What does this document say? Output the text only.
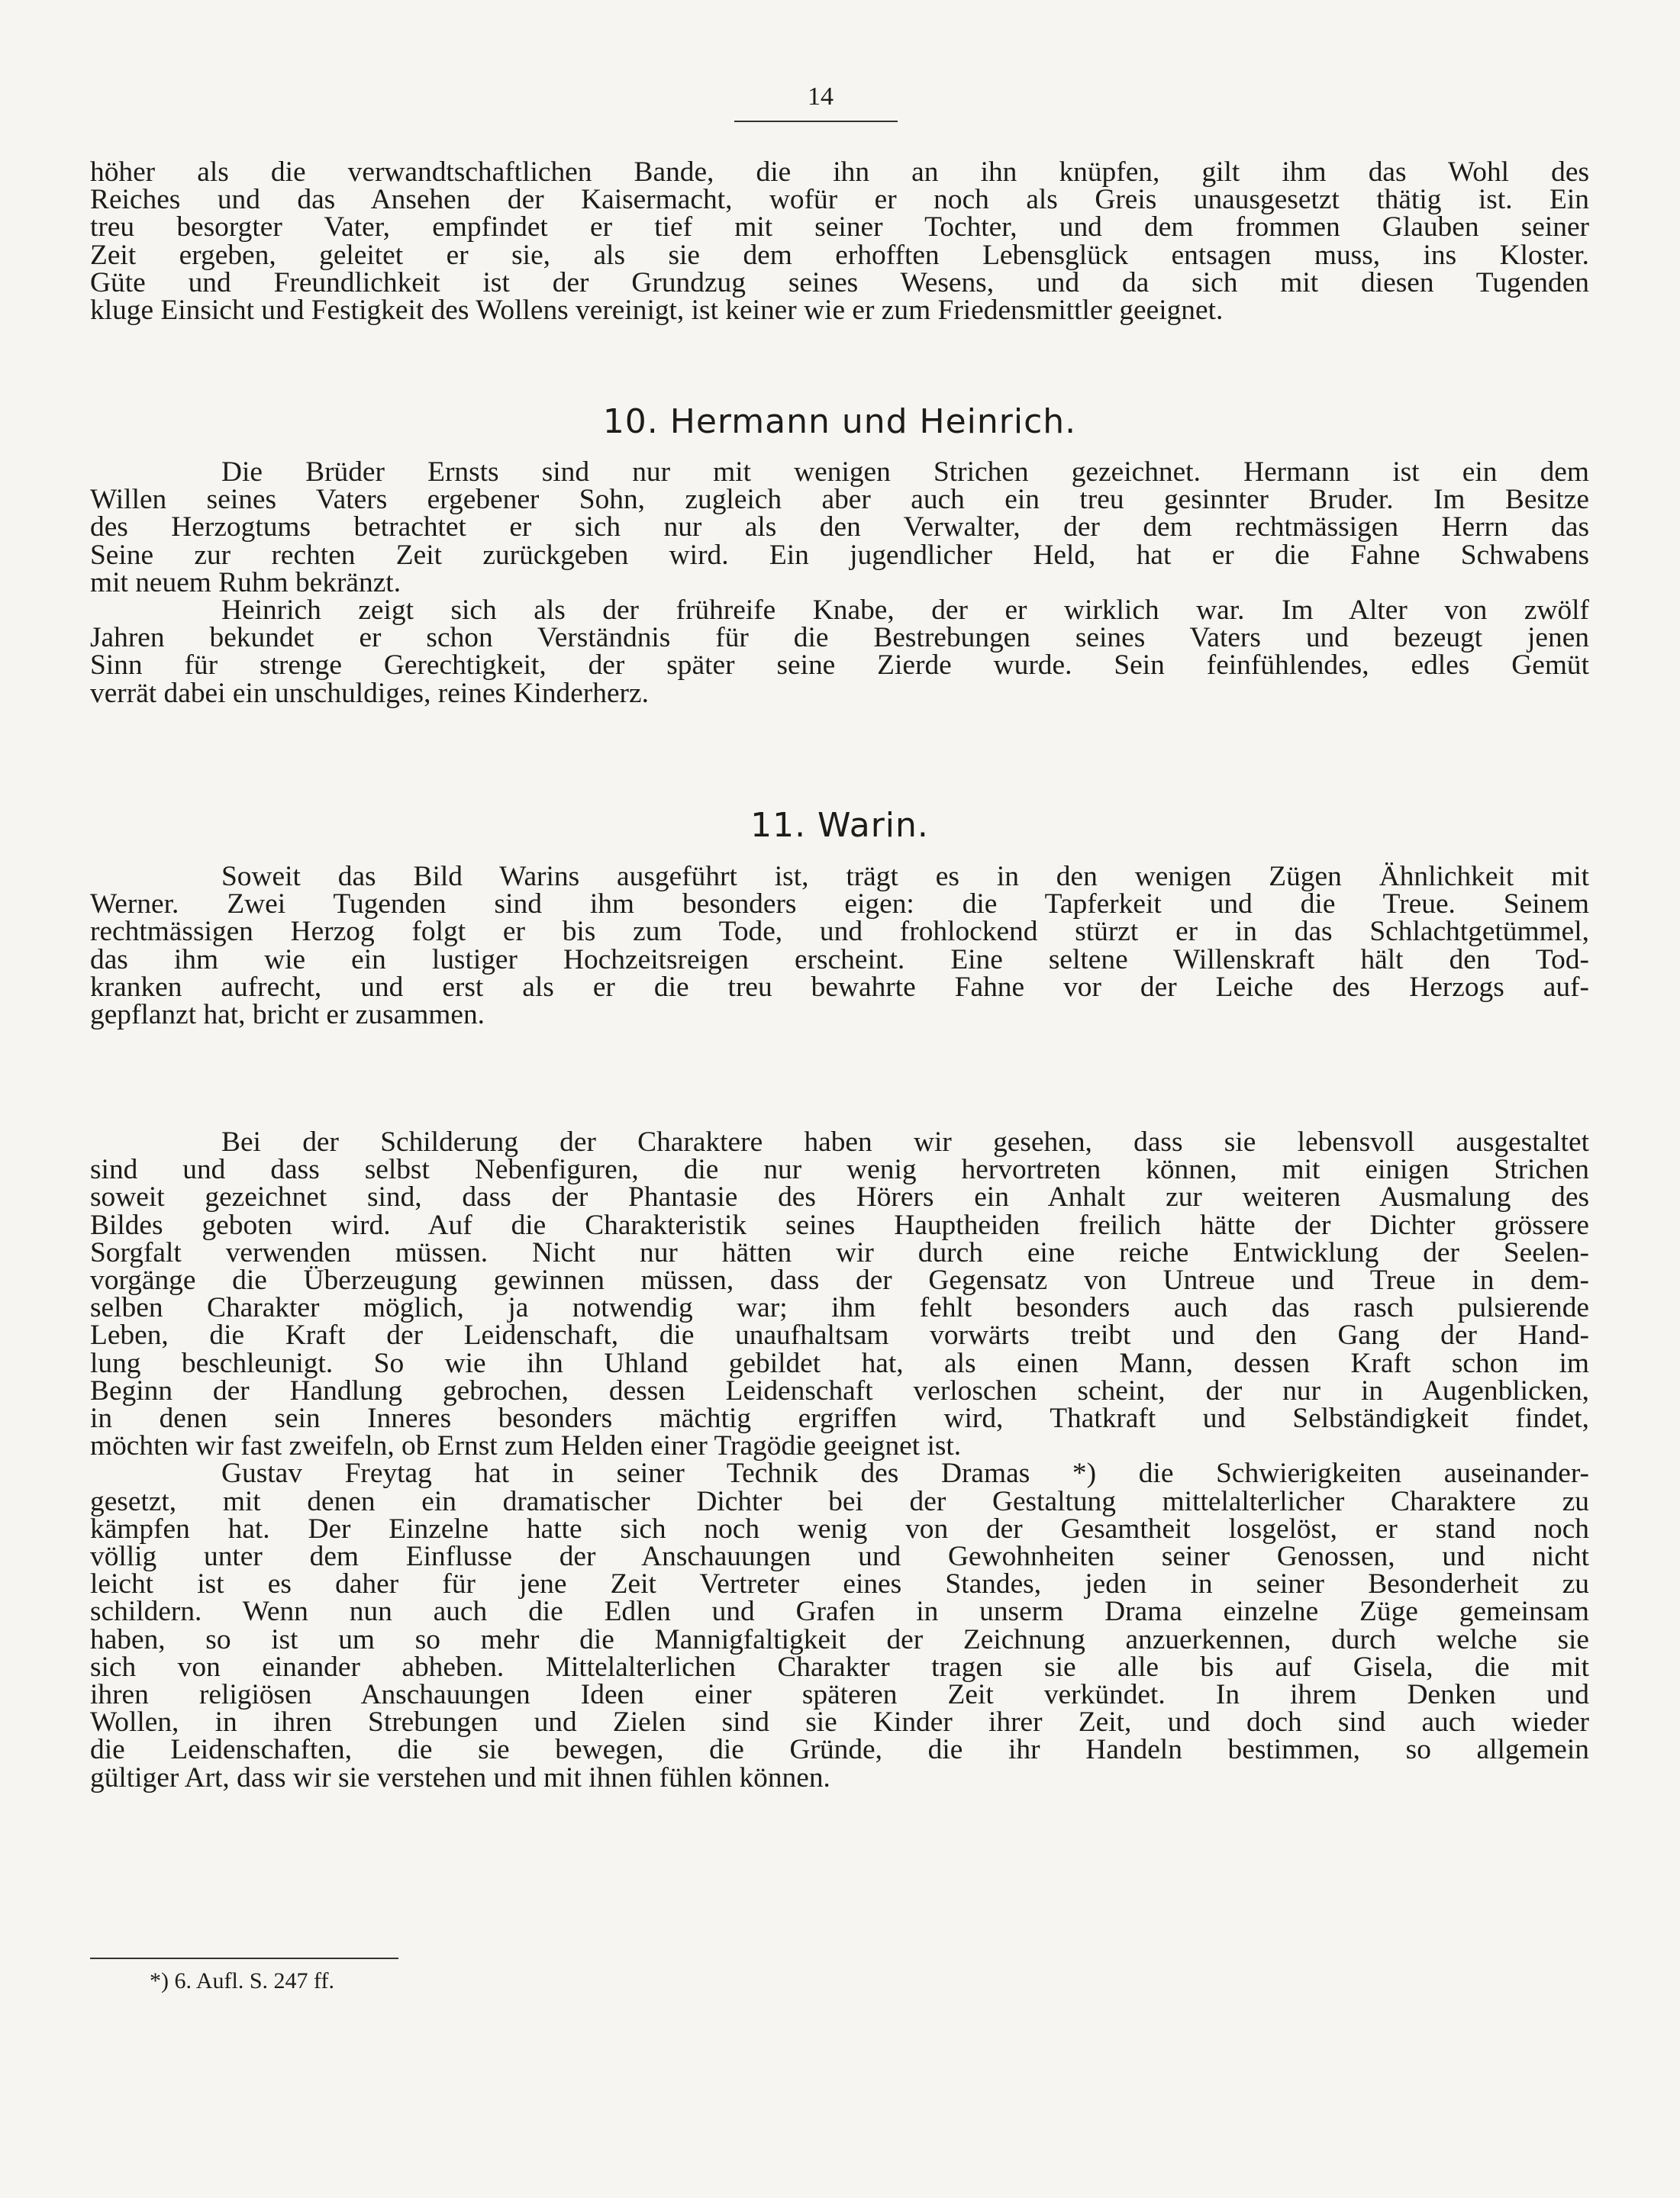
14

höher als die verwandtschaftlichen Bande, die ihn an ihn knüpfen, gilt ihm das Wohl des

Reiches und das Ansehen der Kaisermacht, wofür er noch als Greis unausgesetzt thätig ist. Ein

treu besorgter Vater, empfindet er tief mit seiner Tochter, und dem frommen Glauben seiner

Zeit ergeben, geleitet er sie, als sie dem erhofften Lebensglück entsagen muss, ins Kloster.

Güte und Freundlichkeit ist der Grundzug seines Wesens, und da sich mit diesen Tugenden

kluge Einsicht und Festigkeit des Wollens vereinigt, ist keiner wie er zum Friedensmittler geeignet.

10. Hermann und Heinrich.

Die Brüder Ernsts sind nur mit wenigen Strichen gezeichnet. Hermann ist ein dem

Willen seines Vaters ergebener Sohn, zugleich aber auch ein treu gesinnter Bruder. Im Besitze

des Herzogtums betrachtet er sich nur als den Verwalter, der dem rechtmässigen Herrn das

Seine zur rechten Zeit zurückgeben wird. Ein jugendlicher Held, hat er die Fahne Schwabens

mit neuem Ruhm bekränzt.

Heinrich zeigt sich als der frühreife Knabe, der er wirklich war. Im Alter von zwölf

Jahren bekundet er schon Verständnis für die Bestrebungen seines Vaters und bezeugt jenen

Sinn für strenge Gerechtigkeit, der später seine Zierde wurde. Sein feinfühlendes, edles Gemüt

verrät dabei ein unschuldiges, reines Kinderherz.

11. Warin.

Soweit das Bild Warins ausgeführt ist, trägt es in den wenigen Zügen Ähnlichkeit mit

Werner. Zwei Tugenden sind ihm besonders eigen: die Tapferkeit und die Treue. Seinem

rechtmässigen Herzog folgt er bis zum Tode, und frohlockend stürzt er in das Schlachtgetümmel,

das ihm wie ein lustiger Hochzeitsreigen erscheint. Eine seltene Willenskraft hält den Tod-

kranken aufrecht, und erst als er die treu bewahrte Fahne vor der Leiche des Herzogs auf-

gepflanzt hat, bricht er zusammen.

Bei der Schilderung der Charaktere haben wir gesehen, dass sie lebensvoll ausgestaltet

sind und dass selbst Nebenfiguren, die nur wenig hervortreten können, mit einigen Strichen

soweit gezeichnet sind, dass der Phantasie des Hörers ein Anhalt zur weiteren Ausmalung des

Bildes geboten wird. Auf die Charakteristik seines Hauptheiden freilich hätte der Dichter grössere

Sorgfalt verwenden müssen. Nicht nur hätten wir durch eine reiche Entwicklung der Seelen-

vorgänge die Überzeugung gewinnen müssen, dass der Gegensatz von Untreue und Treue in dem-

selben Charakter möglich, ja notwendig war; ihm fehlt besonders auch das rasch pulsierende

Leben, die Kraft der Leidenschaft, die unaufhaltsam vorwärts treibt und den Gang der Hand-

lung beschleunigt. So wie ihn Uhland gebildet hat, als einen Mann, dessen Kraft schon im

Beginn der Handlung gebrochen, dessen Leidenschaft verloschen scheint, der nur in Augenblicken,

in denen sein Inneres besonders mächtig ergriffen wird, Thatkraft und Selbständigkeit findet,

möchten wir fast zweifeln, ob Ernst zum Helden einer Tragödie geeignet ist.

Gustav Freytag hat in seiner Technik des Dramas *) die Schwierigkeiten auseinander-

gesetzt, mit denen ein dramatischer Dichter bei der Gestaltung mittelalterlicher Charaktere zu

kämpfen hat. Der Einzelne hatte sich noch wenig von der Gesamtheit losgelöst, er stand noch

völlig unter dem Einflusse der Anschauungen und Gewohnheiten seiner Genossen, und nicht

leicht ist es daher für jene Zeit Vertreter eines Standes, jeden in seiner Besonderheit zu

schildern. Wenn nun auch die Edlen und Grafen in unserm Drama einzelne Züge gemeinsam

haben, so ist um so mehr die Mannigfaltigkeit der Zeichnung anzuerkennen, durch welche sie

sich von einander abheben. Mittelalterlichen Charakter tragen sie alle bis auf Gisela, die mit

ihren religiösen Anschauungen Ideen einer späteren Zeit verkündet. In ihrem Denken und

Wollen, in ihren Strebungen und Zielen sind sie Kinder ihrer Zeit, und doch sind auch wieder

die Leidenschaften, die sie bewegen, die Gründe, die ihr Handeln bestimmen, so allgemein

gültiger Art, dass wir sie verstehen und mit ihnen fühlen können.

*) 6. Aufl. S. 247 ff.
